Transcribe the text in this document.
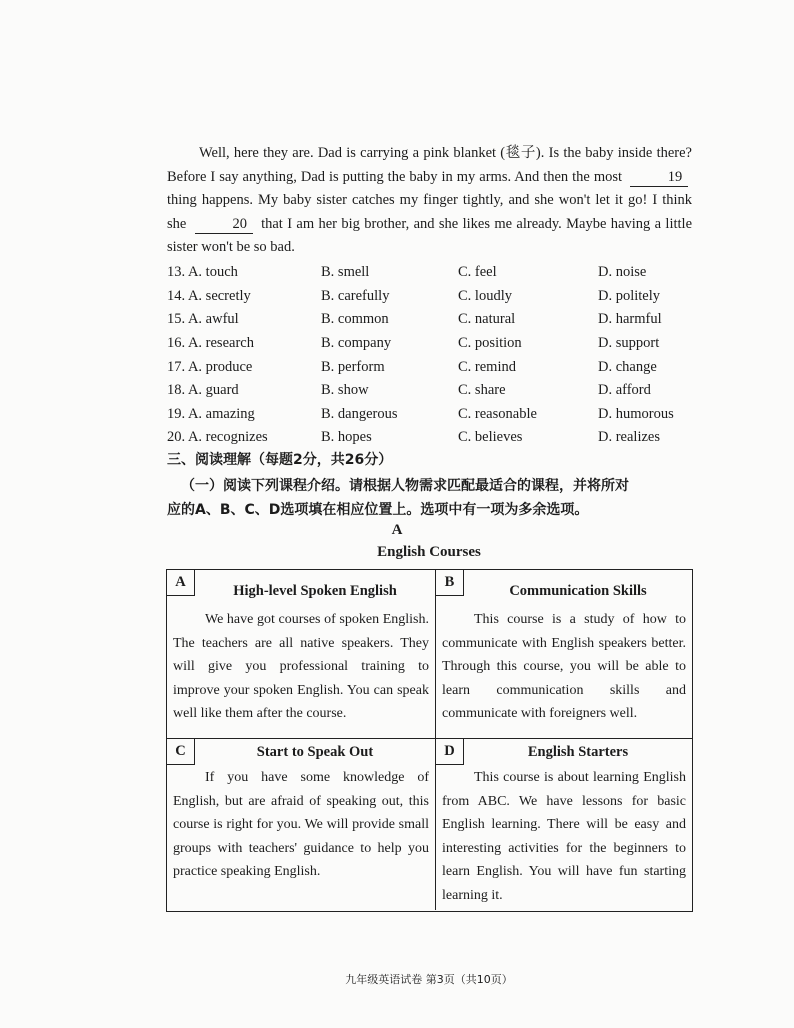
Well, here they are. Dad is carrying a pink blanket (毯子). Is the baby inside there? Before I say anything, Dad is putting the baby in my arms. And then the most	19 thing happens. My baby sister catches my finger tightly, and she won't let it go! I think she	20 that I am her big brother, and she likes me already. Maybe having a little sister won't be so bad.

13. A. touch	B. smell	C. feel	D. noise
14. A. secretly	B. carefully	C. loudly	D. politely
15. A. awful	B. common	C. natural	D. harmful
16. A. research	B. company	C. position	D. support
17. A. produce	B. perform	C. remind	D. change
18. A. guard	B. show	C. share	D. afford
19. A. amazing	B. dangerous	C. reasonable	D. humorous
20. A. recognizes	B. hopes	C. believes	D. realizes
三、阅读理解（每题2分，共26分）
（一）阅读下列课程介绍。请根据人物需求匹配最适合的课程，并将所对
应的A、B、C、D选项填在相应位置上。选项中有一项为多余选项。
A
English Courses
A
High-level Spoken English
We have got courses of spoken English. The teachers are all native speakers. They will give you professional training to improve your spoken English. You can speak well like them after the course.
B
Communication Skills
This course is a study of how to communicate with English speakers better. Through this course, you will be able to learn communication skills and communicate with foreigners well.
C	Start to Speak Out
If you have some knowledge of English, but are afraid of speaking out, this course is right for you. We will provide small groups with teachers' guidance to help you practice speaking English.
D	English Starters
This course is about learning English from ABC. We have lessons for basic English learning. There will be easy and interesting activities for the beginners to learn English. You will have fun starting learning it.
九年级英语试卷 第3页（共10页）
